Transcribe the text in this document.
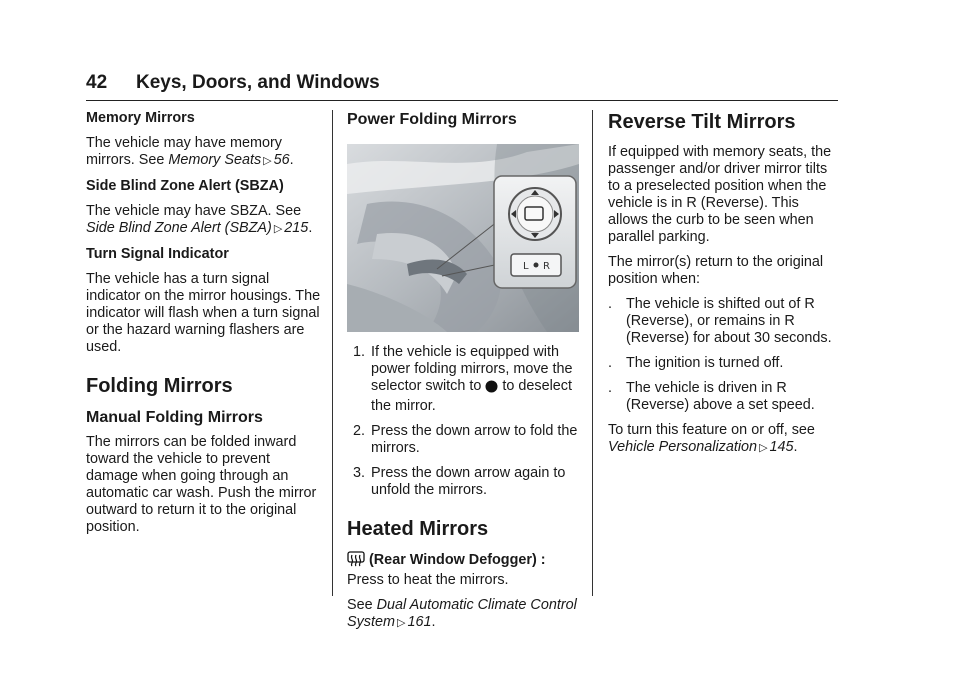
42 Keys, Doors, and Windows

Memory Mirrors

The vehicle may have memory mirrors. See Memory Seats ▷ 56.

Side Blind Zone Alert (SBZA)

The vehicle may have SBZA. See Side Blind Zone Alert (SBZA) ▷ 215.

Turn Signal Indicator

The vehicle has a turn signal indicator on the mirror housings. The indicator will flash when a turn signal or the hazard warning flashers are used.

Folding Mirrors
Manual Folding Mirrors

The mirrors can be folded inward toward the vehicle to prevent damage when going through an automatic car wash. Push the mirror outward to return it to the original position.

Power Folding Mirrors
L R
1. If the vehicle is equipped with power folding mirrors, move the selector switch to  to deselect the mirror.
2. Press the down arrow to fold the mirrors.
3. Press the down arrow again to unfold the mirrors.
Heated Mirrors

(Rear Window Defogger) :
Press to heat the mirrors.

See Dual Automatic Climate Control System ▷ 161.

Reverse Tilt Mirrors

If equipped with memory seats, the passenger and/or driver mirror tilts to a preselected position when the vehicle is in R (Reverse). This allows the curb to be seen when parallel parking.

The mirror(s) return to the original position when:

. The vehicle is shifted out of R (Reverse), or remains in R (Reverse) for about 30 seconds.
. The ignition is turned off.
. The vehicle is driven in R (Reverse) above a set speed.

To turn this feature on or off, see Vehicle Personalization ▷ 145.
